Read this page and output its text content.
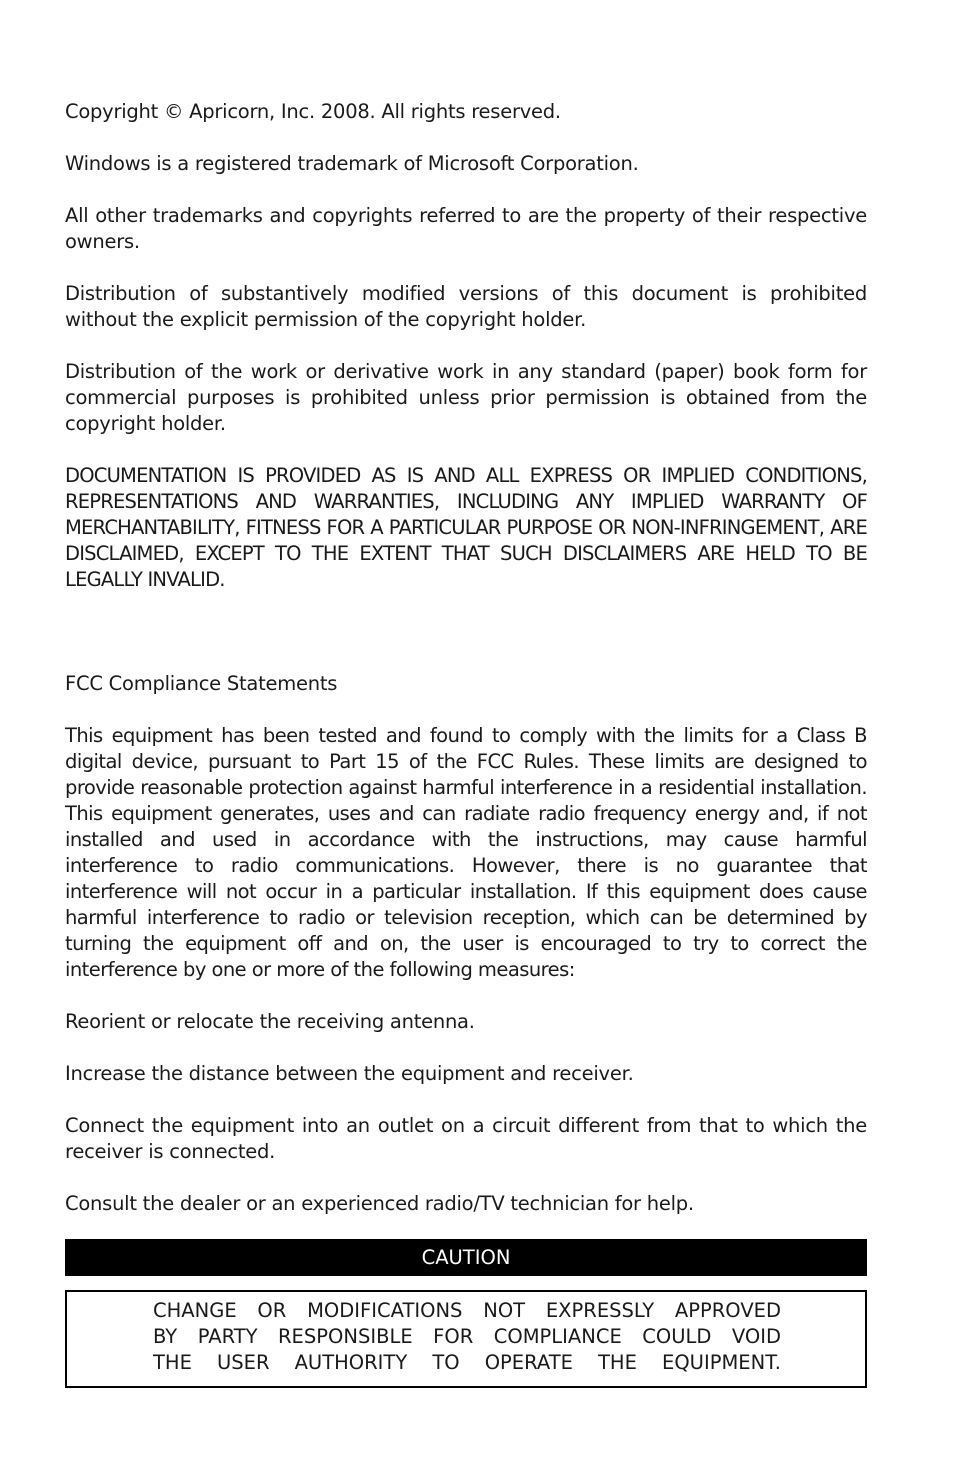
Copyright © Apricorn, Inc. 2008. All rights reserved.

Windows is a registered trademark of Microsoft Corporation.

All other trademarks and copyrights referred to are the property of their respective owners.

Distribution of substantively modified versions of this document is prohibited without the explicit permission of the copyright holder.

Distribution of the work or derivative work in any standard (paper) book form for commercial purposes is prohibited unless prior permission is obtained from the copyright holder.

DOCUMENTATION IS PROVIDED AS IS AND ALL EXPRESS OR IMPLIED CONDITIONS, REPRESENTATIONS AND WARRANTIES, INCLUDING ANY IMPLIED WARRANTY OF MERCHANTABILITY, FITNESS FOR A PARTICULAR PURPOSE OR NON-INFRINGEMENT, ARE DISCLAIMED, EXCEPT TO THE EXTENT THAT SUCH DISCLAIMERS ARE HELD TO BE LEGALLY INVALID.

FCC Compliance Statements

This equipment has been tested and found to comply with the limits for a Class B digital device, pursuant to Part 15 of the FCC Rules. These limits are designed to provide reasonable protection against harmful interference in a residential installation. This equipment generates, uses and can radiate radio frequency energy and, if not installed and used in accordance with the instructions, may cause harmful interference to radio communications. However, there is no guarantee that interference will not occur in a particular installation. If this equipment does cause harmful interference to radio or television reception, which can be determined by turning the equipment off and on, the user is encouraged to try to correct the interference by one or more of the following measures:

Reorient or relocate the receiving antenna.

Increase the distance between the equipment and receiver.

Connect the equipment into an outlet on a circuit different from that to which the receiver is connected.

Consult the dealer or an experienced radio/TV technician for help.

CAUTION
CHANGE OR MODIFICATIONS NOT EXPRESSLY APPROVED
BY PARTY RESPONSIBLE FOR COMPLIANCE COULD VOID
THE USER AUTHORITY TO OPERATE THE EQUIPMENT.
